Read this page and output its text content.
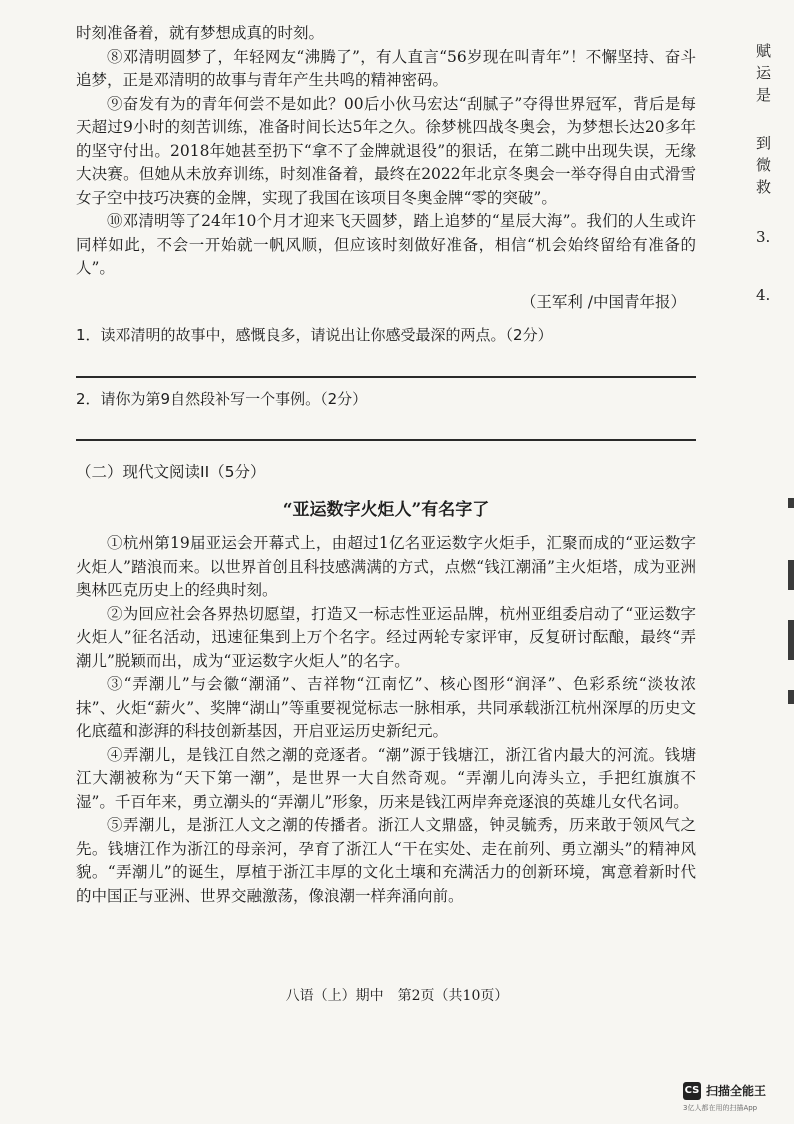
时刻准备着，就有梦想成真的时刻。

⑧邓清明圆梦了，年轻网友“沸腾了”，有人直言“56岁现在叫青年”！不懈坚持、奋斗追梦，正是邓清明的故事与青年产生共鸣的精神密码。

⑨奋发有为的青年何尝不是如此？00后小伙马宏达“刮腻子”夺得世界冠军，背后是每天超过9小时的刻苦训练，准备时间长达5年之久。徐梦桃四战冬奥会，为梦想长达20多年的坚守付出。2018年她甚至扔下“拿不了金牌就退役”的狠话，在第二跳中出现失误，无缘大决赛。但她从未放弃训练，时刻准备着，最终在2022年北京冬奥会一举夺得自由式滑雪女子空中技巧决赛的金牌，实现了我国在该项目冬奥金牌“零的突破”。

⑩邓清明等了24年10个月才迎来飞天圆梦，踏上追梦的“星辰大海”。我们的人生或许同样如此，不会一开始就一帆风顺，但应该时刻做好准备，相信“机会始终留给有准备的人”。

（王军利 /中国青年报）

1．读邓清明的故事中，感慨良多，请说出让你感受最深的两点。（2分）

2．请你为第9自然段补写一个事例。（2分）

（二）现代文阅读II（5分）

“亚运数字火炬人”有名字了

①杭州第19届亚运会开幕式上，由超过1亿名亚运数字火炬手，汇聚而成的“亚运数字火炬人”踏浪而来。以世界首创且科技感满满的方式，点燃“钱江潮涌”主火炬塔，成为亚洲奥林匹克历史上的经典时刻。

②为回应社会各界热切愿望，打造又一标志性亚运品牌，杭州亚组委启动了“亚运数字火炬人”征名活动，迅速征集到上万个名字。经过两轮专家评审，反复研讨酝酿，最终“弄潮儿”脱颖而出，成为“亚运数字火炬人”的名字。

③“弄潮儿”与会徽“潮涌”、吉祥物“江南忆”、核心图形“润泽”、色彩系统“淡妆浓抹”、火炬“薪火”、奖牌“湖山”等重要视觉标志一脉相承，共同承载浙江杭州深厚的历史文化底蕴和澎湃的科技创新基因，开启亚运历史新纪元。

④弄潮儿，是钱江自然之潮的竞逐者。“潮”源于钱塘江，浙江省内最大的河流。钱塘江大潮被称为“天下第一潮”，是世界一大自然奇观。“弄潮儿向涛头立，手把红旗旗不湿”。千百年来，勇立潮头的“弄潮儿”形象，历来是钱江两岸奔竞逐浪的英雄儿女代名词。

⑤弄潮儿，是浙江人文之潮的传播者。浙江人文鼎盛，钟灵毓秀，历来敢于领风气之先。钱塘江作为浙江的母亲河，孕育了浙江人“干在实处、走在前列、勇立潮头”的精神风貌。“弄潮儿”的诞生，厚植于浙江丰厚的文化土壤和充满活力的创新环境，寓意着新时代的中国正与亚洲、世界交融激荡，像浪潮一样奔涌向前。

八语（上）期中　第2页（共10页）
赋
运
是
到
微
救
3.
4.
CS 扫描全能王
3亿人都在用的扫描App
